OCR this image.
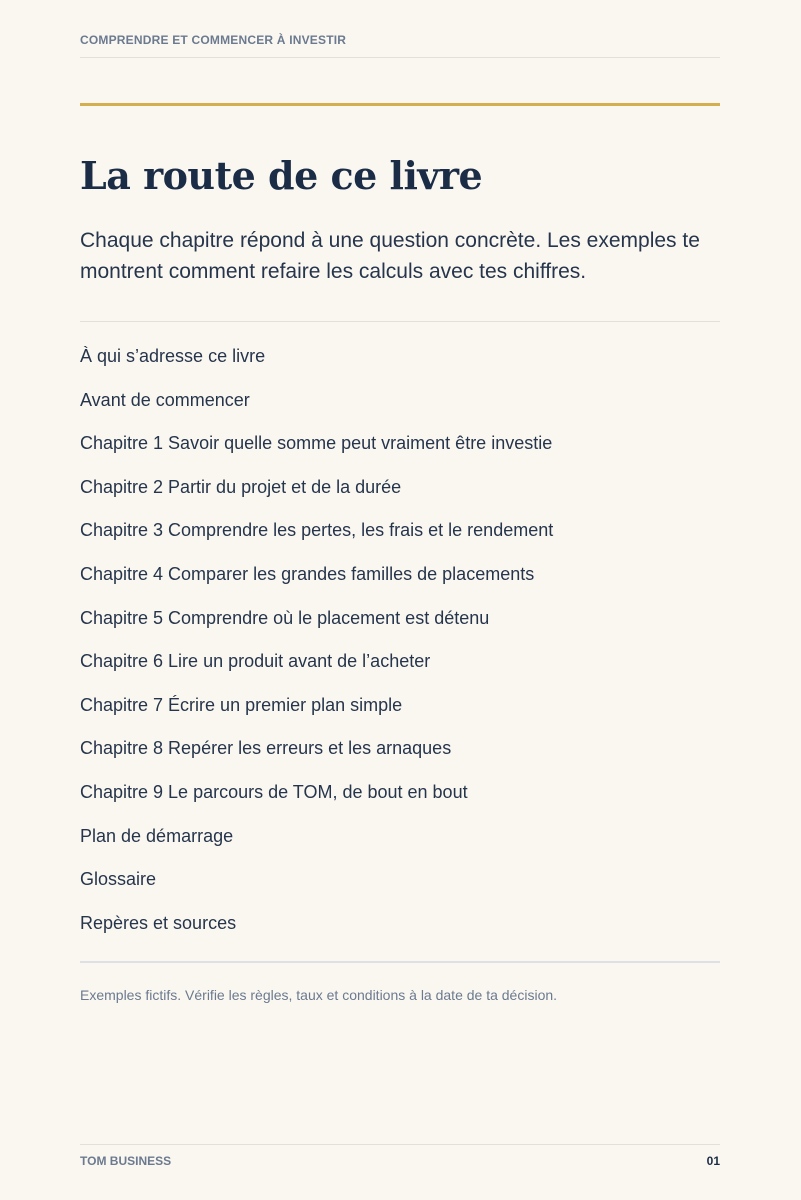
COMPRENDRE ET COMMENCER À INVESTIR
La route de ce livre

Chaque chapitre répond à une question concrète. Les exemples te montrent comment refaire les calculs avec tes chiffres.

À qui s’adresse ce livre
Avant de commencer
Chapitre 1 Savoir quelle somme peut vraiment être investie
Chapitre 2 Partir du projet et de la durée
Chapitre 3 Comprendre les pertes, les frais et le rendement
Chapitre 4 Comparer les grandes familles de placements
Chapitre 5 Comprendre où le placement est détenu
Chapitre 6 Lire un produit avant de l’acheter
Chapitre 7 Écrire un premier plan simple
Chapitre 8 Repérer les erreurs et les arnaques
Chapitre 9 Le parcours de TOM, de bout en bout
Plan de démarrage
Glossaire
Repères et sources

Exemples fictifs. Vérifie les règles, taux et conditions à la date de ta décision.

TOM BUSINESS	01
